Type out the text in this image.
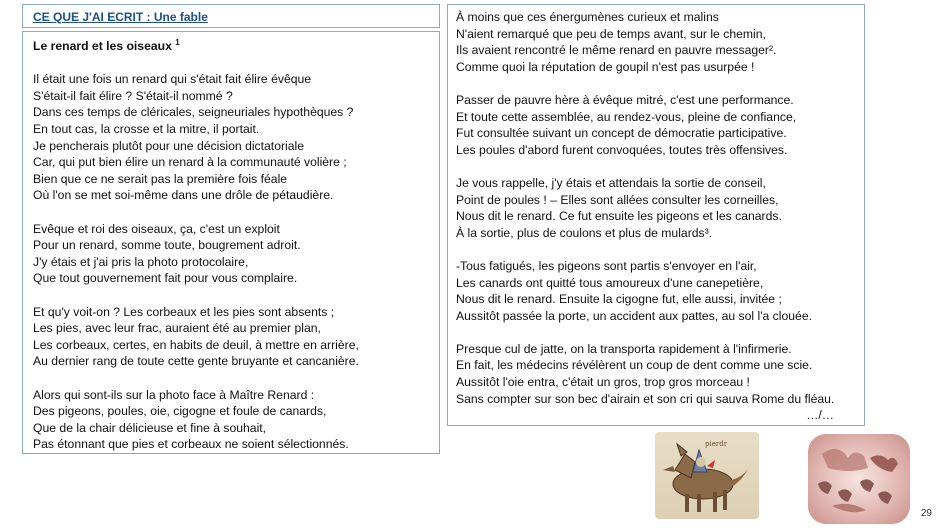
CE QUE J'AI ECRIT : Une fable
Le renard et les oiseaux $^1$
Il était une fois un renard qui s'était fait élire évêque
S'était-il fait élire ? S'était-il nommé ?
Dans ces temps de cléricales, seigneuriales hypothèques ?
En tout cas, la crosse et la mitre, il portait.
Je pencherais plutôt pour une décision dictatoriale
Car, qui put bien élire un renard à la communauté volière ;
Bien que ce ne serait pas la première fois féale
Où l'on se met soi-même dans une drôle de pétaudière.
Evêque et roi des oiseaux, ça, c'est un exploit
Pour un renard, somme toute, bougrement adroit.
J'y étais et j'ai pris la photo protocolaire,
Que tout gouvernement fait pour vous complaire.
Et qu'y voit-on ? Les corbeaux et les pies sont absents ;
Les pies, avec leur frac, auraient été au premier plan,
Les corbeaux, certes, en habits de deuil, à mettre en arrière,
Au dernier rang de toute cette gente bruyante et cancanière.
Alors qui sont-ils sur la photo face à Maître Renard :
Des pigeons, poules, oie, cigogne et foule de canards,
Que de la chair délicieuse et fine à souhait,
Pas étonnant que pies et corbeaux ne soient sélectionnés.
À moins que ces énergumènes curieux et malins
N'aient remarqué que peu de temps avant, sur le chemin,
Ils avaient rencontré le même renard en pauvre messager².
Comme quoi la réputation de goupil n'est pas usurpée !
Passer de pauvre hère à évêque mitré, c'est une performance.
Et toute cette assemblée, au rendez-vous, pleine de confiance,
Fut consultée suivant un concept de démocratie participative.
Les poules d'abord furent convoquées, toutes très offensives.
Je vous rappelle, j'y étais et attendais la sortie de conseil,
Point de poules ! – Elles sont allées consulter les corneilles,
Nous dit le renard. Ce fut ensuite les pigeons et les canards.
À la sortie, plus de coulons et plus de mulards³.
-Tous fatigués, les pigeons sont partis s'envoyer en l'air,
Les canards ont quitté tous amoureux d'une canepetière,
Nous dit le renard. Ensuite la cigogne fut, elle aussi, invitée ;
Aussitôt passée la porte, un accident aux pattes, au sol l'a clouée.
Presque cul de jatte, on la transporta rapidement à l'infirmerie.
En fait, les médecins révélèrent un coup de dent comme une scie.
Aussitôt l'oie entra, c'était un gros, trop gros morceau !
Sans compter sur son bec d'airain et son cri qui sauva Rome du fléau.
…/…
pierdr
29
